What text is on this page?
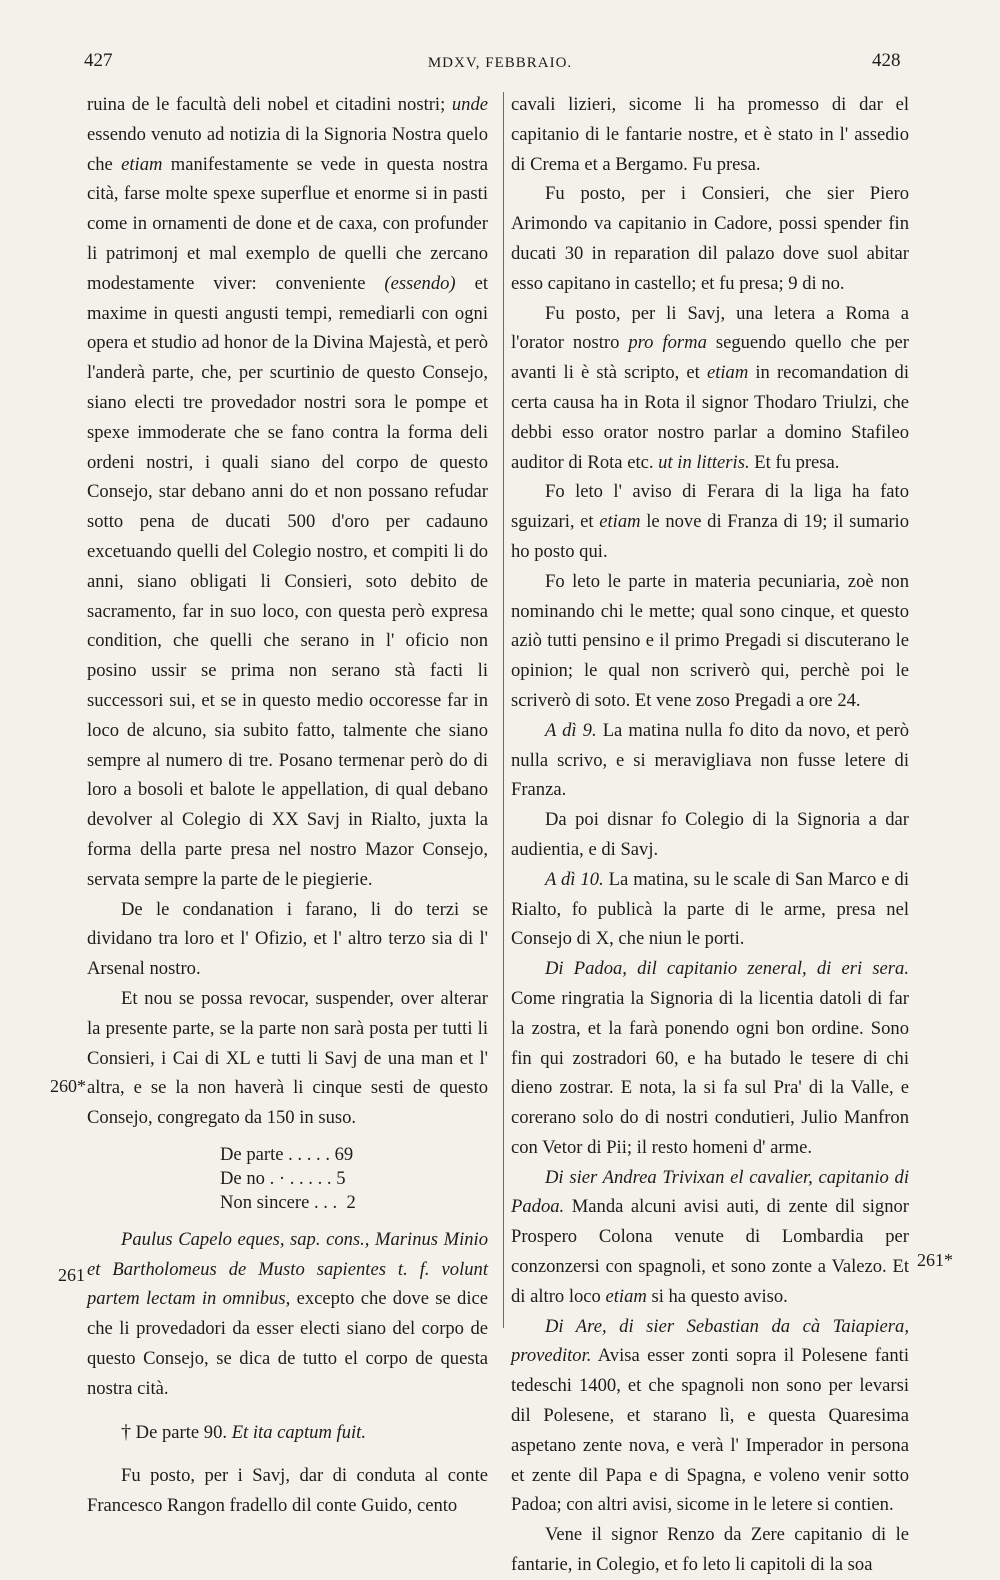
427	MDXV, FEBBRAIO.	428
260*
261
261*

ruina de le facultà deli nobel et citadini nostri; unde essendo venuto ad notizia di la Signoria Nostra quelo che etiam manifestamente se vede in questa nostra cità, farse molte spexe superflue et enorme si in pasti come in ornamenti de done et de caxa, con profunder li patrimonj et mal exemplo de quelli che zercano modestamente viver: conveniente (essendo) et maxime in questi angusti tempi, remediarli con ogni opera et studio ad honor de la Divina Majestà, et però l'anderà parte, che, per scurtinio de questo Consejo, siano electi tre provedador nostri sora le pompe et spexe immoderate che se fano contra la forma deli ordeni nostri, i quali siano del corpo de questo Consejo, star debano anni do et non possano refudar sotto pena de ducati 500 d'oro per cadauno excetuando quelli del Colegio nostro, et compiti li do anni, siano obligati li Consieri, soto debito de sacramento, far in suo loco, con questa però expresa condition, che quelli che serano in l' oficio non posino ussir se prima non serano stà facti li successori sui, et se in questo medio occoresse far in loco de alcuno, sia subito fatto, talmente che siano sempre al numero di tre. Posano termenar però do di loro a bosoli et balote le appellation, di qual debano devolver al Colegio di XX Savj in Rialto, juxta la forma della parte presa nel nostro Mazor Consejo, servata sempre la parte de le piegierie.

De le condanation i farano, li do terzi se dividano tra loro et l' Ofizio, et l' altro terzo sia di l' Arsenal nostro.

Et nou se possa revocar, suspender, over alterar la presente parte, se la parte non sarà posta per tutti li Consieri, i Cai di XL e tutti li Savj de una man et l' altra, e se la non haverà li cinque sesti de questo Consejo, congregato da 150 in suso.

De parte . . . . . 69
De no . · . . . . . 5
Non sincere . . .  2

Paulus Capelo eques, sap. cons., Marinus Minio et Bartholomeus de Musto sapientes t. f. volunt partem lectam in omnibus, excepto che dove se dice che li provedadori da esser electi siano del corpo de questo Consejo, se dica de tutto el corpo de questa nostra cità.

† De parte 90. Et ita captum fuit.

Fu posto, per i Savj, dar di conduta al conte Francesco Rangon fradello dil conte Guido, cento

cavali lizieri, sicome li ha promesso di dar el capitanio di le fantarie nostre, et è stato in l' assedio di Crema et a Bergamo. Fu presa.

Fu posto, per i Consieri, che sier Piero Arimondo va capitanio in Cadore, possi spender fin ducati 30 in reparation dil palazo dove suol abitar esso capitano in castello; et fu presa; 9 di no.

Fu posto, per li Savj, una letera a Roma a l'orator nostro pro forma seguendo quello che per avanti li è stà scripto, et etiam in recomandation di certa causa ha in Rota il signor Thodaro Triulzi, che debbi esso orator nostro parlar a domino Stafileo auditor di Rota etc. ut in litteris. Et fu presa.

Fo leto l' aviso di Ferara di la liga ha fato sguizari, et etiam le nove di Franza di 19; il sumario ho posto qui.

Fo leto le parte in materia pecuniaria, zoè non nominando chi le mette; qual sono cinque, et questo aziò tutti pensino e il primo Pregadi si discuterano le opinion; le qual non scriverò qui, perchè poi le scriverò di soto. Et vene zoso Pregadi a ore 24.

A dì 9. La matina nulla fo dito da novo, et però nulla scrivo, e si meravigliava non fusse letere di Franza.

Da poi disnar fo Colegio di la Signoria a dar audientia, e di Savj.

A dì 10. La matina, su le scale di San Marco e di Rialto, fo publicà la parte di le arme, presa nel Consejo di X, che niun le porti.

Di Padoa, dil capitanio zeneral, di eri sera. Come ringratia la Signoria di la licentia datoli di far la zostra, et la farà ponendo ogni bon ordine. Sono fin qui zostradori 60, e ha butado le tesere di chi dieno zostrar. E nota, la si fa sul Pra' di la Valle, e corerano solo do di nostri condutieri, Julio Manfron con Vetor di Pii; il resto homeni d' arme.

Di sier Andrea Trivixan el cavalier, capitanio di Padoa. Manda alcuni avisi auti, di zente dil signor Prospero Colona venute di Lombardia per conzonzersi con spagnoli, et sono zonte a Valezo. Et di altro loco etiam si ha questo aviso.

Di Are, di sier Sebastian da cà Taiapiera, proveditor. Avisa esser zonti sopra il Polesene fanti tedeschi 1400, et che spagnoli non sono per levarsi dil Polesene, et starano lì, e questa Quaresima aspetano zente nova, e verà l' Imperador in persona et zente dil Papa e di Spagna, e voleno venir sotto Padoa; con altri avisi, sicome in le letere si contien.

Vene il signor Renzo da Zere capitanio di le fantarie, in Colegio, et fo leto li capitoli di la soa
